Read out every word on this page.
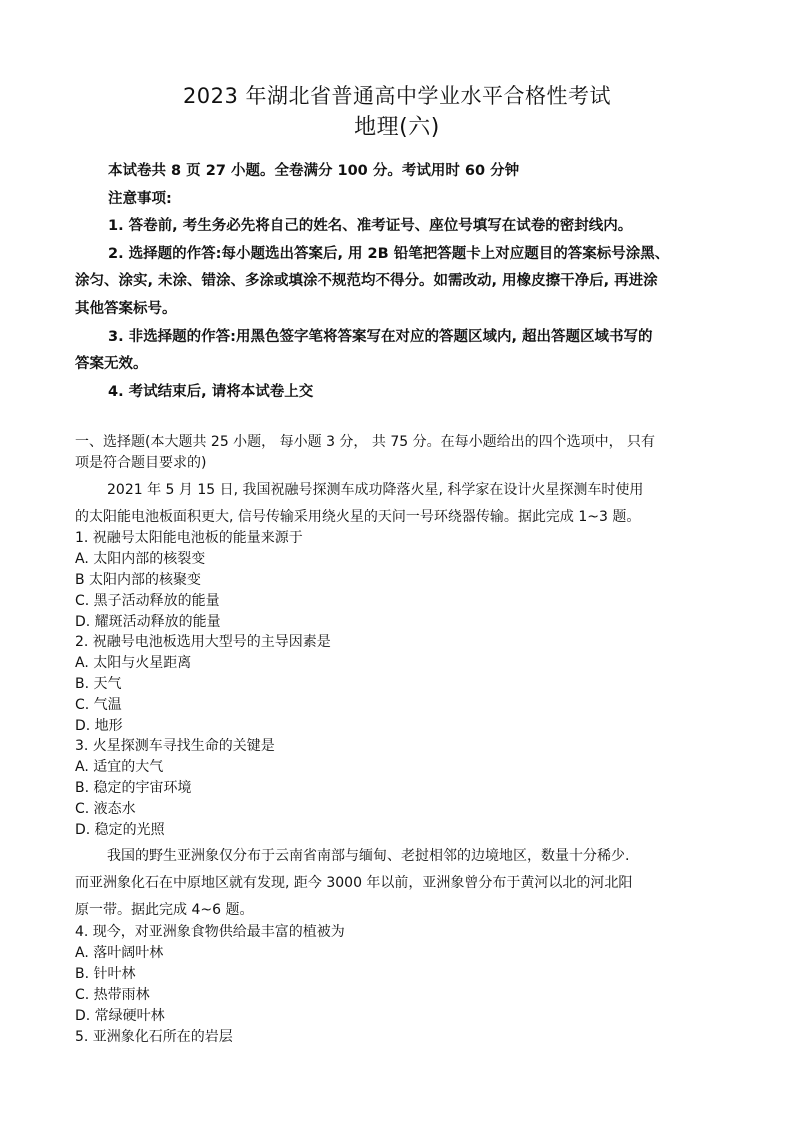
2023 年湖北省普通高中学业水平合格性考试
地理(六)
本试卷共 8 页 27 小题。全卷满分 100 分。考试用时 60 分钟
注意事项:
1. 答卷前, 考生务必先将自己的姓名、准考证号、座位号填写在试卷的密封线内。
2. 选择题的作答:每小题选出答案后, 用 2B 铅笔把答题卡上对应题目的答案标号涂黑、
涂匀、涂实, 未涂、错涂、多涂或填涂不规范均不得分。如需改动, 用橡皮擦干净后, 再进涂
其他答案标号。
3. 非选择题的作答:用黑色签字笔将答案写在对应的答题区域内, 超出答题区域书写的
答案无效。
4. 考试结束后, 请将本试卷上交
一、选择题(本大题共 25 小题， 每小题 3 分， 共 75 分。在每小题给出的四个选项中， 只有
项是符合题目要求的)
2021 年 5 月 15 日, 我国祝融号探测车成功降落火星, 科学家在设计火星探测车时使用
的太阳能电池板面积更大, 信号传输采用绕火星的天问一号环绕器传输。据此完成 1~3 题。
1. 祝融号太阳能电池板的能量来源于
A. 太阳内部的核裂变
B 太阳内部的核聚变
C. 黑子活动释放的能量
D. 耀斑活动释放的能量
2. 祝融号电池板选用大型号的主导因素是
A. 太阳与火星距离
B. 天气
C. 气温
D. 地形
3. 火星探测车寻找生命的关键是
A. 适宜的大气
B. 稳定的宇宙环境
C. 液态水
D. 稳定的光照
我国的野生亚洲象仅分布于云南省南部与缅甸、老挝相邻的边境地区，数量十分稀少.
而亚洲象化石在中原地区就有发现, 距今 3000 年以前，亚洲象曾分布于黄河以北的河北阳
原一带。据此完成 4~6 题。
4. 现今，对亚洲象食物供给最丰富的植被为
A. 落叶阔叶林
B. 针叶林
C. 热带雨林
D. 常绿硬叶林
5. 亚洲象化石所在的岩层
